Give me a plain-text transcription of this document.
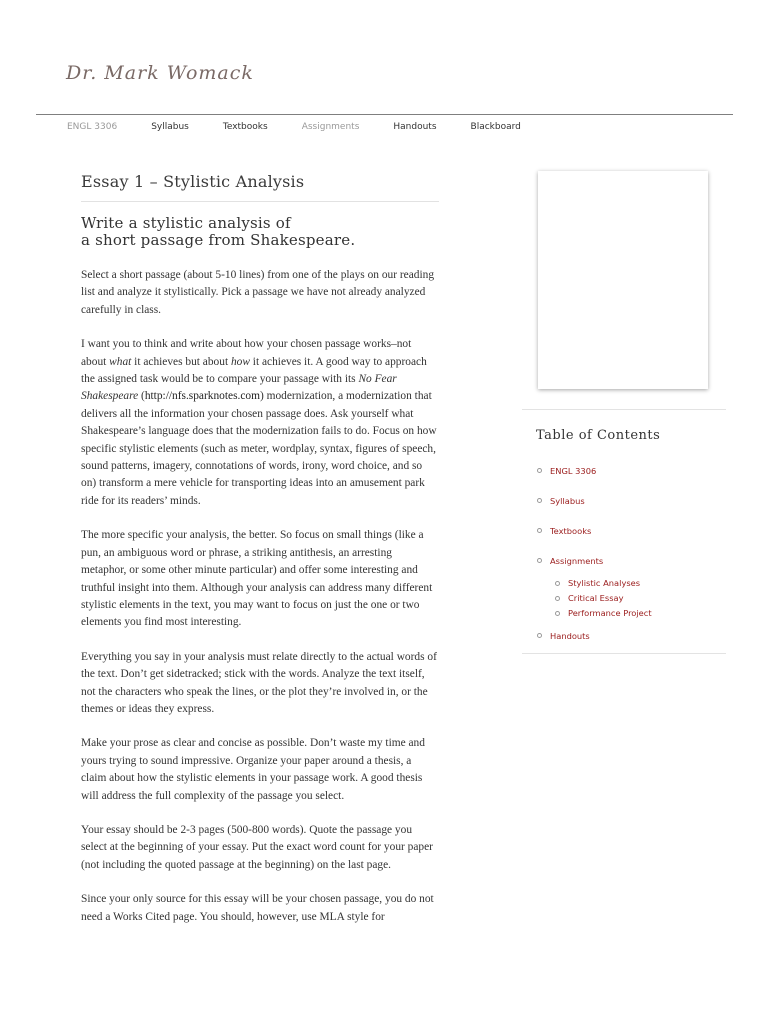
Dr. Mark Womack
ENGL 3306	Syllabus	Textbooks	Assignments	Handouts	Blackboard
Essay 1 – Stylistic Analysis
Write a stylistic analysis of
a short passage from Shakespeare.

Select a short passage (about 5-10 lines) from one of the plays on our reading list and analyze it stylistically. Pick a passage we have not already analyzed carefully in class.

I want you to think and write about how your chosen passage works–not about what it achieves but about how it achieves it. A good way to approach the assigned task would be to compare your passage with its No Fear Shakespeare (http://nfs.sparknotes.com) modernization, a modernization that delivers all the information your chosen passage does. Ask yourself what Shakespeare’s language does that the modernization fails to do. Focus on how specific stylistic elements (such as meter, wordplay, syntax, figures of speech, sound patterns, imagery, connotations of words, irony, word choice, and so on) transform a mere vehicle for transporting ideas into an amusement park ride for its readers’ minds.

The more specific your analysis, the better. So focus on small things (like a pun, an ambiguous word or phrase, a striking antithesis, an arresting metaphor, or some other minute particular) and offer some interesting and truthful insight into them. Although your analysis can address many different stylistic elements in the text, you may want to focus on just the one or two elements you find most interesting.

Everything you say in your analysis must relate directly to the actual words of the text. Don’t get sidetracked; stick with the words. Analyze the text itself, not the characters who speak the lines, or the plot they’re involved in, or the themes or ideas they express.

Make your prose as clear and concise as possible. Don’t waste my time and yours trying to sound impressive. Organize your paper around a thesis, a claim about how the stylistic elements in your passage work. A good thesis will address the full complexity of the passage you select.

Your essay should be 2-3 pages (500-800 words). Quote the passage you select at the beginning of your essay. Put the exact word count for your paper (not including the quoted passage at the beginning) on the last page.

Since your only source for this essay will be your chosen passage, you do not need a Works Cited page. You should, however, use MLA style for

Table of Contents
ENGL 3306
Syllabus
Textbooks
Assignments
Stylistic Analyses
Critical Essay
Performance Project
Handouts
